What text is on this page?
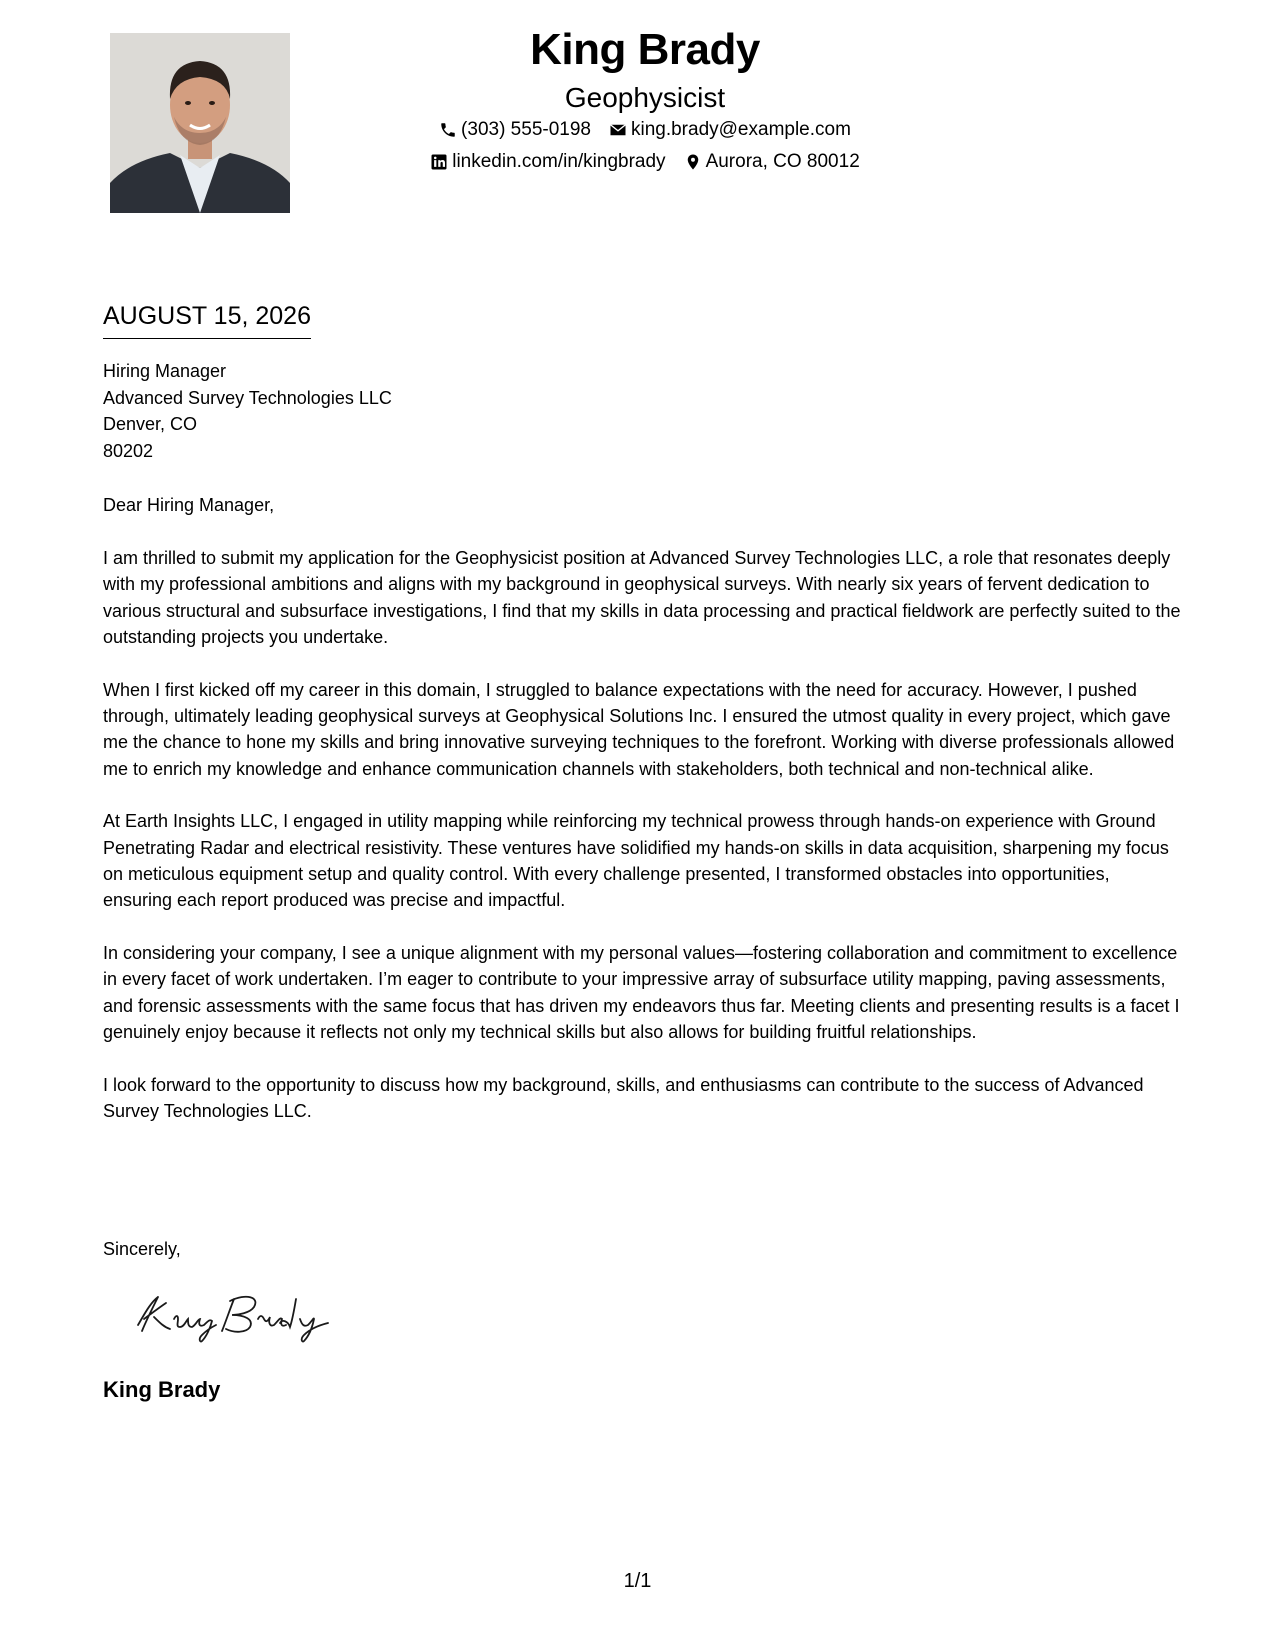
King Brady
Geophysicist
(303) 555-0198 king.brady@example.com
linkedin.com/in/kingbrady Aurora, CO 80012
AUGUST 15, 2026
Hiring Manager
Advanced Survey Technologies LLC
Denver, CO
80202
Dear Hiring Manager,

I am thrilled to submit my application for the Geophysicist position at Advanced Survey Technologies LLC, a role that resonates deeply with my professional ambitions and aligns with my background in geophysical surveys. With nearly six years of fervent dedication to various structural and subsurface investigations, I find that my skills in data processing and practical fieldwork are perfectly suited to the outstanding projects you undertake.

When I first kicked off my career in this domain, I struggled to balance expectations with the need for accuracy. However, I pushed through, ultimately leading geophysical surveys at Geophysical Solutions Inc. I ensured the utmost quality in every project, which gave me the chance to hone my skills and bring innovative surveying techniques to the forefront. Working with diverse professionals allowed me to enrich my knowledge and enhance communication channels with stakeholders, both technical and non-technical alike.

At Earth Insights LLC, I engaged in utility mapping while reinforcing my technical prowess through hands-on experience with Ground Penetrating Radar and electrical resistivity. These ventures have solidified my hands-on skills in data acquisition, sharpening my focus on meticulous equipment setup and quality control. With every challenge presented, I transformed obstacles into opportunities, ensuring each report produced was precise and impactful.

In considering your company, I see a unique alignment with my personal values—fostering collaboration and commitment to excellence in every facet of work undertaken. I’m eager to contribute to your impressive array of subsurface utility mapping, paving assessments, and forensic assessments with the same focus that has driven my endeavors thus far. Meeting clients and presenting results is a facet I genuinely enjoy because it reflects not only my technical skills but also allows for building fruitful relationships.

I look forward to the opportunity to discuss how my background, skills, and enthusiasms can contribute to the success of Advanced Survey Technologies LLC.

Sincerely,
King Brady
1/1
